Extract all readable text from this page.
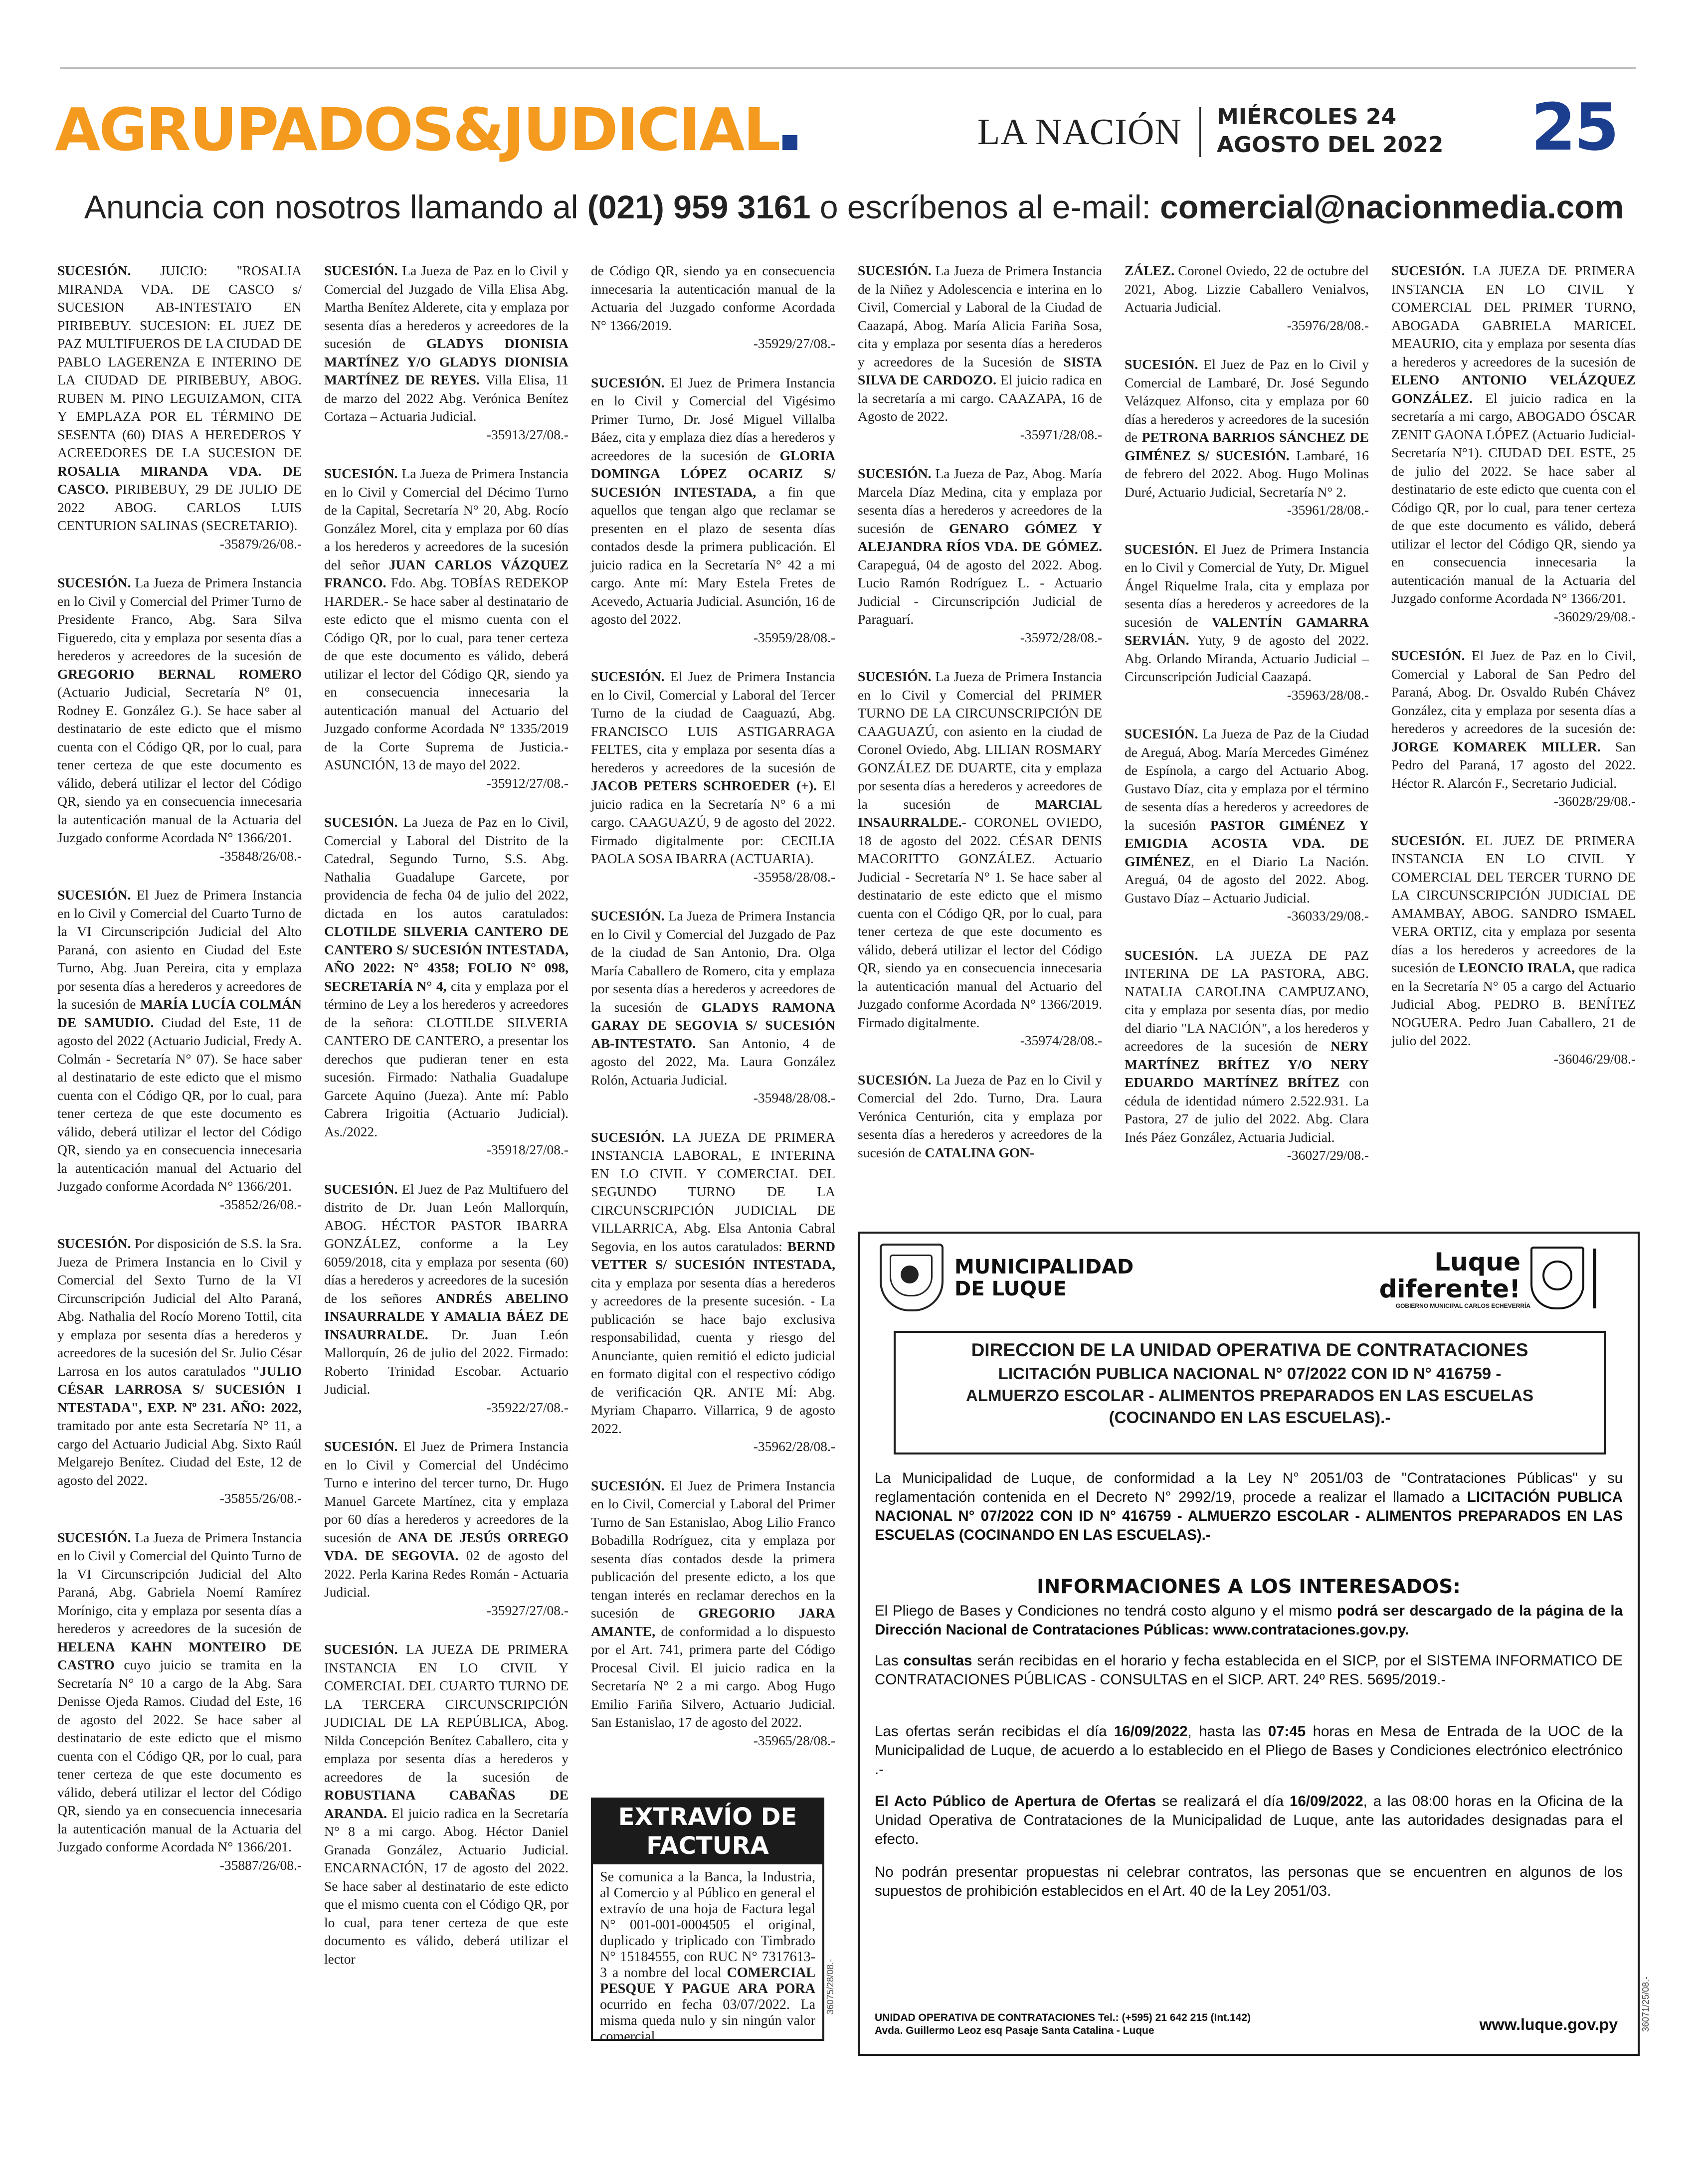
AGRUPADOS&JUDICIAL	LA NACIÓN MIÉRCOLES 24
AGOSTO DEL 2022 25
Anuncia con nosotros llamando al (021) 959 3161 o escríbenos al e-mail: comercial@nacionmedia.com

SUCESIÓN. JUICIO: "ROSALIA MIRANDA VDA. DE CASCO s/ SUCESION AB-INTESTATO EN PIRIBEBUY. SUCESION: EL JUEZ DE PAZ MULTIFUEROS DE LA CIUDAD DE PABLO LAGERENZA E INTERINO DE LA CIUDAD DE PIRIBEBUY, ABOG. RUBEN M. PINO LEGUIZAMON, CITA Y EMPLAZA POR EL TÉRMINO DE SESENTA (60) DIAS A HEREDEROS Y ACREEDORES DE LA SUCESION DE ROSALIA MIRANDA VDA. DE CASCO. PIRIBEBUY, 29 DE JULIO DE 2022 ABOG. CARLOS LUIS CENTURION SALINAS (SECRETARIO).

-35879/26/08.-

SUCESIÓN. La Jueza de Primera Instancia en lo Civil y Comercial del Primer Turno de Presidente Franco, Abg. Sara Silva Figueredo, cita y emplaza por sesenta días a herederos y acreedores de la sucesión de GREGORIO BERNAL ROMERO (Actuario Judicial, Secretaría N° 01, Rodney E. González G.). Se hace saber al destinatario de este edicto que el mismo cuenta con el Código QR, por lo cual, para tener certeza de que este documento es válido, deberá utilizar el lector del Código QR, siendo ya en consecuencia innecesaria la autenticación manual de la Actuaria del Juzgado conforme Acordada N° 1366/201.

-35848/26/08.-

SUCESIÓN. El Juez de Primera Instancia en lo Civil y Comercial del Cuarto Turno de la VI Circunscripción Judicial del Alto Paraná, con asiento en Ciudad del Este Turno, Abg. Juan Pereira, cita y emplaza por sesenta días a herederos y acreedores de la sucesión de MARÍA LUCÍA COLMÁN DE SAMUDIO. Ciudad del Este, 11 de agosto del 2022 (Actuario Judicial, Fredy A. Colmán - Secretaría N° 07). Se hace saber al destinatario de este edicto que el mismo cuenta con el Código QR, por lo cual, para tener certeza de que este documento es válido, deberá utilizar el lector del Código QR, siendo ya en consecuencia innecesaria la autenticación manual del Actuario del Juzgado conforme Acordada N° 1366/201.

-35852/26/08.-

SUCESIÓN. Por disposición de S.S. la Sra. Jueza de Primera Instancia en lo Civil y Comercial del Sexto Turno de la VI Circunscripción Judicial del Alto Paraná, Abg. Nathalia del Rocío Moreno Tottil, cita y emplaza por sesenta días a herederos y acreedores de la sucesión del Sr. Julio César Larrosa en los autos caratulados "JULIO CÉSAR LARROSA S/ SUCESIÓN I NTESTADA", EXP. Nº 231. AÑO: 2022, tramitado por ante esta Secretaría N° 11, a cargo del Actuario Judicial Abg. Sixto Raúl Melgarejo Benítez. Ciudad del Este, 12 de agosto del 2022.

-35855/26/08.-

SUCESIÓN. La Jueza de Primera Instancia en lo Civil y Comercial del Quinto Turno de la VI Circunscripción Judicial del Alto Paraná, Abg. Gabriela Noemí Ramírez Morínigo, cita y emplaza por sesenta días a herederos y acreedores de la sucesión de HELENA KAHN MONTEIRO DE CASTRO cuyo juicio se tramita en la Secretaría N° 10 a cargo de la Abg. Sara Denisse Ojeda Ramos. Ciudad del Este, 16 de agosto del 2022. Se hace saber al destinatario de este edicto que el mismo cuenta con el Código QR, por lo cual, para tener certeza de que este documento es válido, deberá utilizar el lector del Código QR, siendo ya en consecuencia innecesaria la autenticación manual de la Actuaria del Juzgado conforme Acordada N° 1366/201.

-35887/26/08.-

SUCESIÓN. La Jueza de Paz en lo Civil y Comercial del Juzgado de Villa Elisa Abg. Martha Benítez Alderete, cita y emplaza por sesenta días a herederos y acreedores de la sucesión de GLADYS DIONISIA MARTÍNEZ Y/O GLADYS DIONISIA MARTÍNEZ DE REYES. Villa Elisa, 11 de marzo del 2022 Abg. Verónica Benítez Cortaza – Actuaria Judicial.

-35913/27/08.-

SUCESIÓN. La Jueza de Primera Instancia en lo Civil y Comercial del Décimo Turno de la Capital, Secretaría N° 20, Abg. Rocío González Morel, cita y emplaza por 60 días a los herederos y acreedores de la sucesión del señor JUAN CARLOS VÁZQUEZ FRANCO. Fdo. Abg. TOBÍAS REDEKOP HARDER.- Se hace saber al destinatario de este edicto que el mismo cuenta con el Código QR, por lo cual, para tener certeza de que este documento es válido, deberá utilizar el lector del Código QR, siendo ya en consecuencia innecesaria la autenticación manual del Actuario del Juzgado conforme Acordada N° 1335/2019 de la Corte Suprema de Justicia.-ASUNCIÓN, 13 de mayo del 2022.

-35912/27/08.-

SUCESIÓN. La Jueza de Paz en lo Civil, Comercial y Laboral del Distrito de la Catedral, Segundo Turno, S.S. Abg. Nathalia Guadalupe Garcete, por providencia de fecha 04 de julio del 2022, dictada en los autos caratulados: CLOTILDE SILVERIA CANTERO DE CANTERO S/ SUCESIÓN INTESTADA, AÑO 2022: N° 4358; FOLIO N° 098, SECRETARÍA N° 4, cita y emplaza por el término de Ley a los herederos y acreedores de la señora: CLOTILDE SILVERIA CANTERO DE CANTERO, a presentar los derechos que pudieran tener en esta sucesión. Firmado: Nathalia Guadalupe Garcete Aquino (Jueza). Ante mí: Pablo Cabrera Irigoitia (Actuario Judicial). As./2022.

-35918/27/08.-

SUCESIÓN. El Juez de Paz Multifuero del distrito de Dr. Juan León Mallorquín, ABOG. HÉCTOR PASTOR IBARRA GONZÁLEZ, conforme a la Ley 6059/2018, cita y emplaza por sesenta (60) días a herederos y acreedores de la sucesión de los señores ANDRÉS ABELINO INSAURRALDE Y AMALIA BÁEZ DE INSAURRALDE. Dr. Juan León Mallorquín, 26 de julio del 2022. Firmado: Roberto Trinidad Escobar. Actuario Judicial.

-35922/27/08.-

SUCESIÓN. El Juez de Primera Instancia en lo Civil y Comercial del Undécimo Turno e interino del tercer turno, Dr. Hugo Manuel Garcete Martínez, cita y emplaza por 60 días a herederos y acreedores de la sucesión de ANA DE JESÚS ORREGO VDA. DE SEGOVIA. 02 de agosto del 2022. Perla Karina Redes Román - Actuaria Judicial.

-35927/27/08.-

SUCESIÓN. LA JUEZA DE PRIMERA INSTANCIA EN LO CIVIL Y COMERCIAL DEL CUARTO TURNO DE LA TERCERA CIRCUNSCRIPCIÓN JUDICIAL DE LA REPÚBLICA, Abog. Nilda Concepción Benítez Caballero, cita y emplaza por sesenta días a herederos y acreedores de la sucesión de ROBUSTIANA CABAÑAS DE ARANDA. El juicio radica en la Secretaría N° 8 a mi cargo. Abog. Héctor Daniel Granada González, Actuario Judicial. ENCARNACIÓN, 17 de agosto del 2022. Se hace saber al destinatario de este edicto que el mismo cuenta con el Código QR, por lo cual, para tener certeza de que este documento es válido, deberá utilizar el lector

de Código QR, siendo ya en consecuencia innecesaria la autenticación manual de la Actuaria del Juzgado conforme Acordada N° 1366/2019.

-35929/27/08.-

SUCESIÓN. El Juez de Primera Instancia en lo Civil y Comercial del Vigésimo Primer Turno, Dr. José Miguel Villalba Báez, cita y emplaza diez días a herederos y acreedores de la sucesión de GLORIA DOMINGA LÓPEZ OCARIZ S/ SUCESIÓN INTESTADA, a fin que aquellos que tengan algo que reclamar se presenten en el plazo de sesenta días contados desde la primera publicación. El juicio radica en la Secretaría N° 42 a mi cargo. Ante mí: Mary Estela Fretes de Acevedo, Actuaria Judicial. Asunción, 16 de agosto del 2022.

-35959/28/08.-

SUCESIÓN. El Juez de Primera Instancia en lo Civil, Comercial y Laboral del Tercer Turno de la ciudad de Caaguazú, Abg. FRANCISCO LUIS ASTIGARRAGA FELTES, cita y emplaza por sesenta días a herederos y acreedores de la sucesión de JACOB PETERS SCHROEDER (+). El juicio radica en la Secretaría N° 6 a mi cargo. CAAGUAZÚ, 9 de agosto del 2022. Firmado digitalmente por: CECILIA PAOLA SOSA IBARRA (ACTUARIA).

-35958/28/08.-

SUCESIÓN. La Jueza de Primera Instancia en lo Civil y Comercial del Juzgado de Paz de la ciudad de San Antonio, Dra. Olga María Caballero de Romero, cita y emplaza por sesenta días a herederos y acreedores de la sucesión de GLADYS RAMONA GARAY DE SEGOVIA S/ SUCESIÓN AB-INTESTATO. San Antonio, 4 de agosto del 2022, Ma. Laura González Rolón, Actuaria Judicial.

-35948/28/08.-

SUCESIÓN. LA JUEZA DE PRIMERA INSTANCIA LABORAL, E INTERINA EN LO CIVIL Y COMERCIAL DEL SEGUNDO TURNO DE LA CIRCUNSCRIPCIÓN JUDICIAL DE VILLARRICA, Abg. Elsa Antonia Cabral Segovia, en los autos caratulados: BERND VETTER S/ SUCESIÓN INTESTADA, cita y emplaza por sesenta días a herederos y acreedores de la presente sucesión. - La publicación se hace bajo exclusiva responsabilidad, cuenta y riesgo del Anunciante, quien remitió el edicto judicial en formato digital con el respectivo código de verificación QR. ANTE MÍ: Abg. Myriam Chaparro. Villarrica, 9 de agosto 2022.

-35962/28/08.-

SUCESIÓN. El Juez de Primera Instancia en lo Civil, Comercial y Laboral del Primer Turno de San Estanislao, Abog Lilio Franco Bobadilla Rodríguez, cita y emplaza por sesenta días contados desde la primera publicación del presente edicto, a los que tengan interés en reclamar derechos en la sucesión de GREGORIO JARA AMANTE, de conformidad a lo dispuesto por el Art. 741, primera parte del Código Procesal Civil. El juicio radica en la Secretaría N° 2 a mi cargo. Abog Hugo Emilio Fariña Silvero, Actuario Judicial. San Estanislao, 17 de agosto del 2022.

-35965/28/08.-

SUCESIÓN. La Jueza de Primera Instancia de la Niñez y Adolescencia e interina en lo Civil, Comercial y Laboral de la Ciudad de Caazapá, Abog. María Alicia Fariña Sosa, cita y emplaza por sesenta días a herederos y acreedores de la Sucesión de SISTA SILVA DE CARDOZO. El juicio radica en la secretaría a mi cargo. CAAZAPA, 16 de Agosto de 2022.

-35971/28/08.-

SUCESIÓN. La Jueza de Paz, Abog. María Marcela Díaz Medina, cita y emplaza por sesenta días a herederos y acreedores de la sucesión de GENARO GÓMEZ Y ALEJANDRA RÍOS VDA. DE GÓMEZ. Carapeguá, 04 de agosto del 2022. Abog. Lucio Ramón Rodríguez L. - Actuario Judicial - Circunscripción Judicial de Paraguarí.

-35972/28/08.-

SUCESIÓN. La Jueza de Primera Instancia en lo Civil y Comercial del PRIMER TURNO DE LA CIRCUNSCRIPCIÓN DE CAAGUAZÚ, con asiento en la ciudad de Coronel Oviedo, Abg. LILIAN ROSMARY GONZÁLEZ DE DUARTE, cita y emplaza por sesenta días a herederos y acreedores de la sucesión de MARCIAL INSAURRALDE.- CORONEL OVIEDO, 18 de agosto del 2022. CÉSAR DENIS MACORITTO GONZÁLEZ. Actuario Judicial - Secretaría N° 1. Se hace saber al destinatario de este edicto que el mismo cuenta con el Código QR, por lo cual, para tener certeza de que este documento es válido, deberá utilizar el lector del Código QR, siendo ya en consecuencia innecesaria la autenticación manual del Actuario del Juzgado conforme Acordada N° 1366/2019. Firmado digitalmente.

-35974/28/08.-

SUCESIÓN. La Jueza de Paz en lo Civil y Comercial del 2do. Turno, Dra. Laura Verónica Centurión, cita y emplaza por sesenta días a herederos y acreedores de la sucesión de CATALINA GON-

ZÁLEZ. Coronel Oviedo, 22 de octubre del 2021, Abog. Lizzie Caballero Venialvos, Actuaria Judicial.

-35976/28/08.-

SUCESIÓN. El Juez de Paz en lo Civil y Comercial de Lambaré, Dr. José Segundo Velázquez Alfonso, cita y emplaza por 60 días a herederos y acreedores de la sucesión de PETRONA BARRIOS SÁNCHEZ DE GIMÉNEZ S/ SUCESIÓN. Lambaré, 16 de febrero del 2022. Abog. Hugo Molinas Duré, Actuario Judicial, Secretaría N° 2.

-35961/28/08.-

SUCESIÓN. El Juez de Primera Instancia en lo Civil y Comercial de Yuty, Dr. Miguel Ángel Riquelme Irala, cita y emplaza por sesenta días a herederos y acreedores de la sucesión de VALENTÍN GAMARRA SERVIÁN. Yuty, 9 de agosto del 2022. Abg. Orlando Miranda, Actuario Judicial – Circunscripción Judicial Caazapá.

-35963/28/08.-

SUCESIÓN. La Jueza de Paz de la Ciudad de Areguá, Abog. María Mercedes Giménez de Espínola, a cargo del Actuario Abog. Gustavo Díaz, cita y emplaza por el término de sesenta días a herederos y acreedores de la sucesión PASTOR GIMÉNEZ Y EMIGDIA ACOSTA VDA. DE GIMÉNEZ, en el Diario La Nación. Areguá, 04 de agosto del 2022. Abog. Gustavo Díaz – Actuario Judicial.

-36033/29/08.-

SUCESIÓN. LA JUEZA DE PAZ INTERINA DE LA PASTORA, ABG. NATALIA CAROLINA CAMPUZANO, cita y emplaza por sesenta días, por medio del diario "LA NACIÓN", a los herederos y acreedores de la sucesión de NERY MARTÍNEZ BRÍTEZ Y/O NERY EDUARDO MARTÍNEZ BRÍTEZ con cédula de identidad número 2.522.931. La Pastora, 27 de julio del 2022. Abg. Clara Inés Páez González, Actuaria Judicial.

-36027/29/08.-

SUCESIÓN. LA JUEZA DE PRIMERA INSTANCIA EN LO CIVIL Y COMERCIAL DEL PRIMER TURNO, ABOGADA GABRIELA MARICEL MEAURIO, cita y emplaza por sesenta días a herederos y acreedores de la sucesión de ELENO ANTONIO VELÁZQUEZ GONZÁLEZ. El juicio radica en la secretaría a mi cargo, ABOGADO ÓSCAR ZENIT GAONA LÓPEZ (Actuario Judicial-Secretaría N°1). CIUDAD DEL ESTE, 25 de julio del 2022. Se hace saber al destinatario de este edicto que cuenta con el Código QR, por lo cual, para tener certeza de que este documento es válido, deberá utilizar el lector del Código QR, siendo ya en consecuencia innecesaria la autenticación manual de la Actuaria del Juzgado conforme Acordada N° 1366/201.

-36029/29/08.-

SUCESIÓN. El Juez de Paz en lo Civil, Comercial y Laboral de San Pedro del Paraná, Abog. Dr. Osvaldo Rubén Chávez González, cita y emplaza por sesenta días a herederos y acreedores de la sucesión de: JORGE KOMAREK MILLER. San Pedro del Paraná, 17 agosto del 2022. Héctor R. Alarcón F., Secretario Judicial.

-36028/29/08.-

SUCESIÓN. EL JUEZ DE PRIMERA INSTANCIA EN LO CIVIL Y COMERCIAL DEL TERCER TURNO DE LA CIRCUNSCRIPCIÓN JUDICIAL DE AMAMBAY, ABOG. SANDRO ISMAEL VERA ORTIZ, cita y emplaza por sesenta días a los herederos y acreedores de la sucesión de LEONCIO IRALA, que radica en la Secretaría N° 05 a cargo del Actuario Judicial Abog. PEDRO B. BENÍTEZ NOGUERA. Pedro Juan Caballero, 21 de julio del 2022.

-36046/29/08.-
EXTRAVÍO DE FACTURA
Se comunica a la Banca, la Industria, al Comercio y al Público en general el extravío de una hoja de Factura legal N° 001-001-0004505 el original, duplicado y triplicado con Timbrado N° 15184555, con RUC N° 7317613-3 a nombre del local COMERCIAL PESQUE Y PAGUE ARA PORA ocurrido en fecha 03/07/2022. La misma queda nulo y sin ningún valor comercial.
36075/28/08.-
MUNICIPALIDAD
DE LUQUE
Luque
diferente!
GOBIERNO MUNICIPAL CARLOS ECHEVERRÍA
DIRECCION DE LA UNIDAD OPERATIVA DE CONTRATACIONES
LICITACIÓN PUBLICA NACIONAL N° 07/2022 CON ID N° 416759 -
ALMUERZO ESCOLAR - ALIMENTOS PREPARADOS EN LAS ESCUELAS
(COCINANDO EN LAS ESCUELAS).-
La Municipalidad de Luque, de conformidad a la Ley N° 2051/03 de "Contrataciones Públicas" y su reglamentación contenida en el Decreto N° 2992/19, procede a realizar el llamado a LICITACIÓN PUBLICA NACIONAL N° 07/2022 CON ID N° 416759 - ALMUERZO ESCOLAR - ALIMENTOS PREPARADOS EN LAS ESCUELAS (COCINANDO EN LAS ESCUELAS).-
INFORMACIONES A LOS INTERESADOS:
El Pliego de Bases y Condiciones no tendrá costo alguno y el mismo podrá ser descargado de la página de la Dirección Nacional de Contrataciones Públicas: www.contrataciones.gov.py.
Las consultas serán recibidas en el horario y fecha establecida en el SICP, por el SISTEMA INFORMATICO DE CONTRATACIONES PÚBLICAS - CONSULTAS en el SICP. ART. 24º RES. 5695/2019.-
Las ofertas serán recibidas el día 16/09/2022, hasta las 07:45 horas en Mesa de Entrada de la UOC de la Municipalidad de Luque, de acuerdo a lo establecido en el Pliego de Bases y Condiciones electrónico electrónico .-
El Acto Público de Apertura de Ofertas se realizará el día 16/09/2022, a las 08:00 horas en la Oficina de la Unidad Operativa de Contrataciones de la Municipalidad de Luque, ante las autoridades designadas para el efecto.
No podrán presentar propuestas ni celebrar contratos, las personas que se encuentren en algunos de los supuestos de prohibición establecidos en el Art. 40 de la Ley 2051/03.
UNIDAD OPERATIVA DE CONTRATACIONES Tel.: (+595) 21 642 215 (Int.142)
Avda. Guillermo Leoz esq Pasaje Santa Catalina - Luque	www.luque.gov.py	36071/25/08.-
